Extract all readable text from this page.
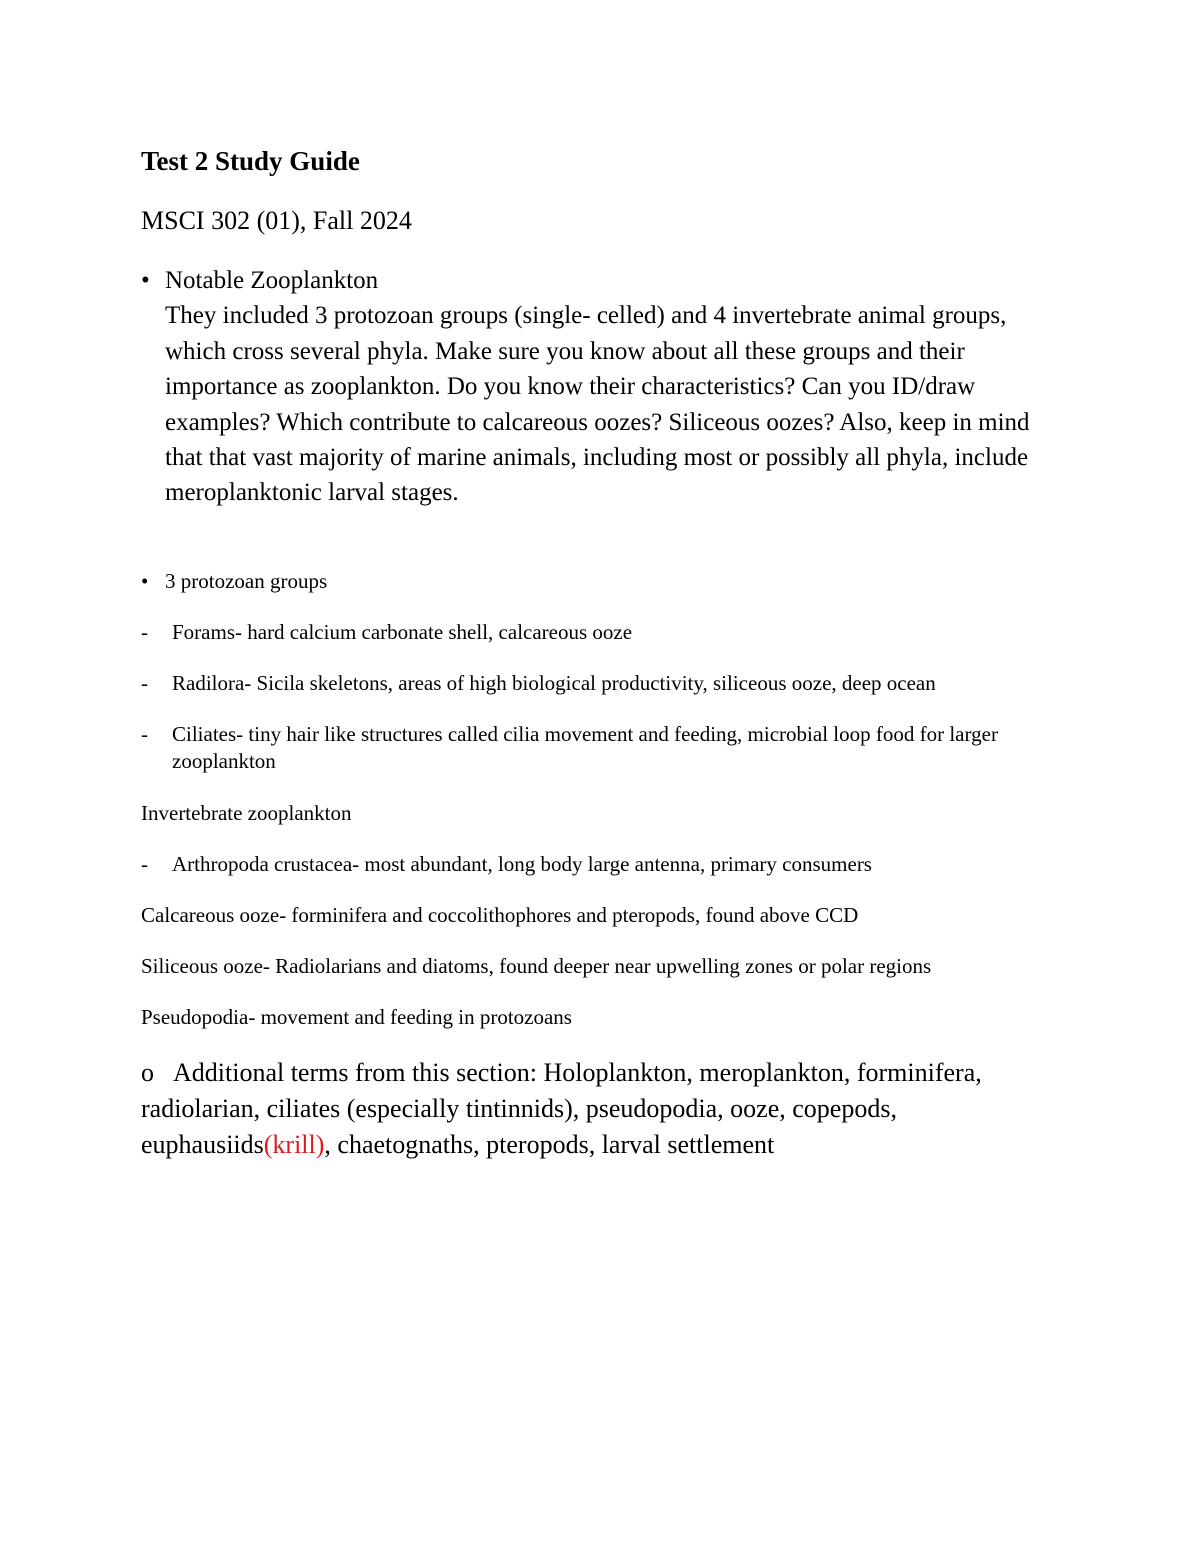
Test 2 Study Guide

MSCI 302 (01), Fall 2024

• Notable Zooplankton
They included 3 protozoan groups (single- celled) and 4 invertebrate animal groups, which cross several phyla. Make sure you know about all these groups and their importance as zooplankton. Do you know their characteristics? Can you ID/draw examples? Which contribute to calcareous oozes? Siliceous oozes? Also, keep in mind that that vast majority of marine animals, including most or possibly all phyla, include meroplanktonic larval stages.
• 3 protozoan groups
- Forams- hard calcium carbonate shell, calcareous ooze
- Radilora- Sicila skeletons, areas of high biological productivity, siliceous ooze, deep ocean
- Ciliates- tiny hair like structures called cilia movement and feeding, microbial loop food for larger zooplankton
Invertebrate zooplankton
- Arthropoda crustacea- most abundant, long body large antenna, primary consumers
Calcareous ooze- forminifera and coccolithophores and pteropods, found above CCD
Siliceous ooze- Radiolarians and diatoms, found deeper near upwelling zones or polar regions
Pseudopodia- movement and feeding in protozoans
o Additional terms from this section: Holoplankton, meroplankton, forminifera, radiolarian, ciliates (especially tintinnids), pseudopodia, ooze, copepods, euphausiids(krill), chaetognaths, pteropods, larval settlement
